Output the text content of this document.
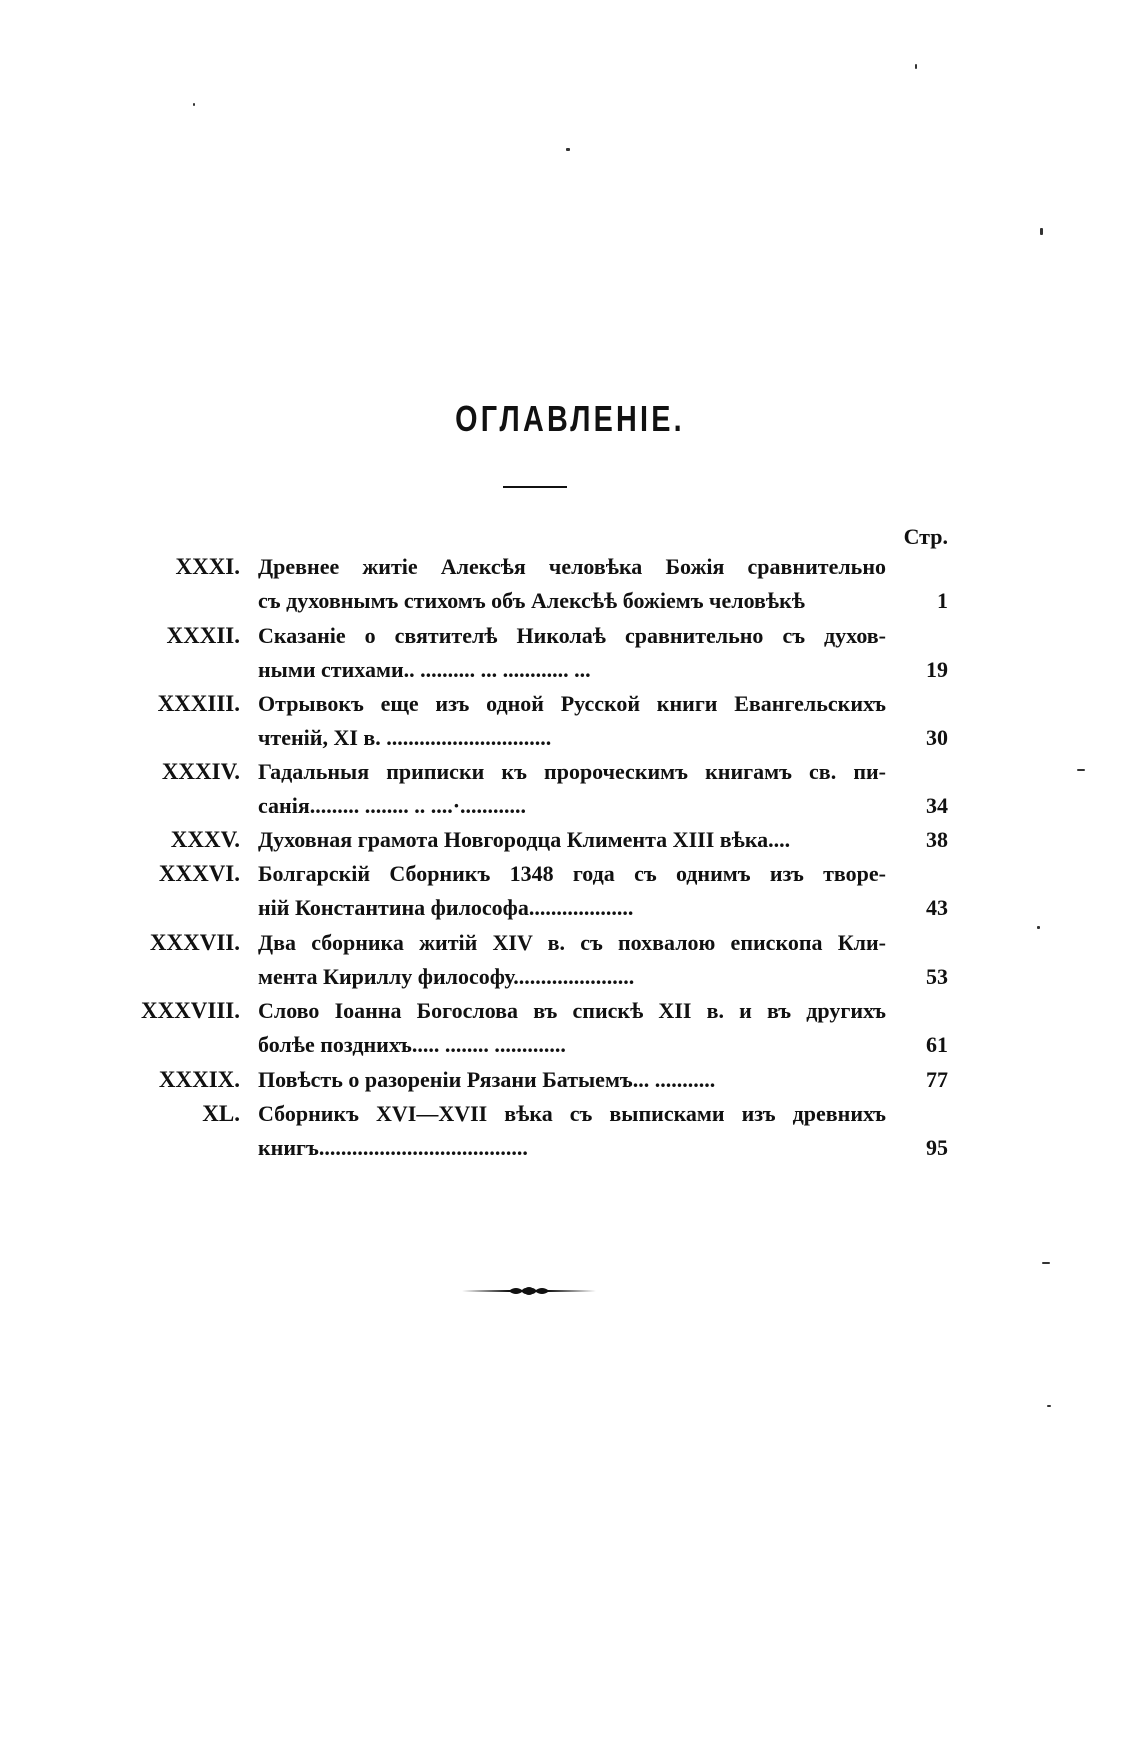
ОГЛАВЛЕНІЕ.
Стр.
XXXI. Древнее житіе Алексѣя человѣка Божія сравнительно
съ духовнымъ стихомъ объ Алексѣѣ божіемъ человѣкѣ	1
XXXII. Сказаніе о святителѣ Николаѣ сравнительно съ духов-
ными стихами.. .......... ... ............ ...	19
XXXIII. Отрывокъ еще изъ одной Русской книги Евангельскихъ
чтеній, XI в. ..............................	30
XXXIV. Гадальныя приписки къ пророческимъ книгамъ св. пи-
санія......... ........ .. ....·............	34
XXXV. Духовная грамота Новгородца Климента XIII вѣка....	38
XXXVI. Болгарскій Сборникъ 1348 года съ однимъ изъ творе-
ній Константина философа...................	43
XXXVII. Два сборника житій XIV в. съ похвалою епископа Кли-
мента Кириллу философу......................	53
XXXVIII. Слово Іоанна Богослова въ спискѣ XII в. и въ другихъ
болѣе позднихъ..... ........ .............	61
XXXIX. Повѣсть о разореніи Рязани Батыемъ... ...........	77
XL. Сборникъ XVI—XVII вѣка съ выписками изъ древнихъ
книгъ......................................	95
